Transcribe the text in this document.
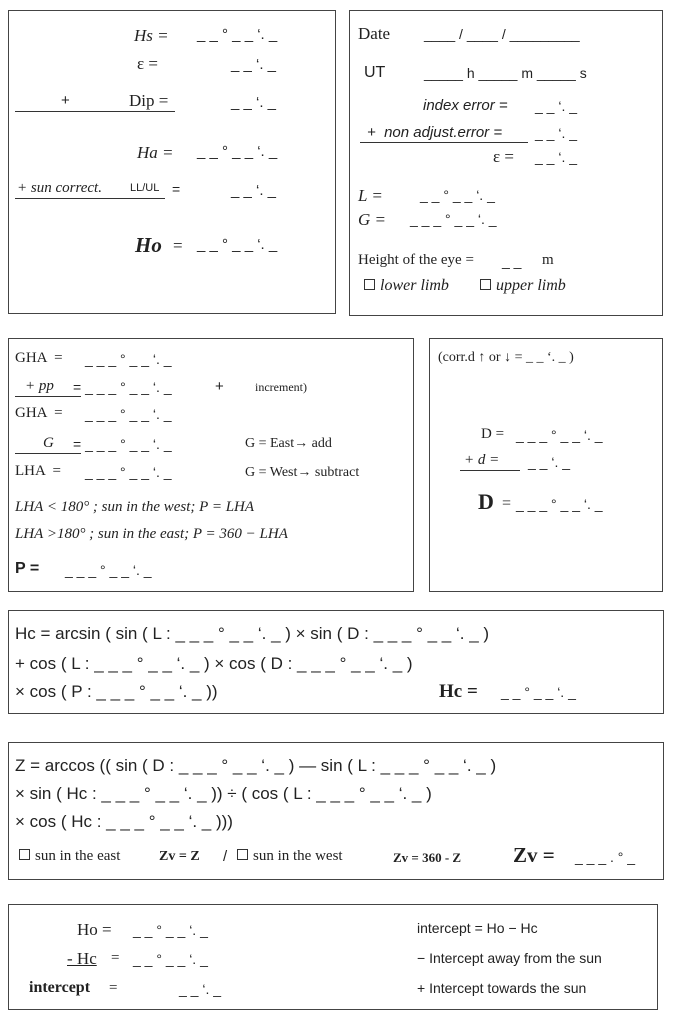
Hs = _ _ ° _ _ ‘. _
ε =	_ _ ‘. _
+	Dip =	_ _ ‘. _
Ha = _ _ ° _ _ ‘. _
+ sun correct.	LL/UL =	_ _ ‘. _
Ho = _ _ ° _ _ ‘. _
Date ____ / ____ / _________
UT	_____ h _____ m _____ s
index error = _ _ ‘. _
+  non adjust.error = _ _ ‘. _
ε = _ _ ‘. _
L =	_ _ ° _ _ ‘. _
G = _ _ _ ° _ _ ‘. _
Height of the eye = _ _ m
lower limb	upper limb
GHA  = _ _ _ ° _ _ ‘. _
+ pp = _ _ _ ° _ _ ‘. _	+	increment)
GHA  = _ _ _ ° _ _ ‘. _
G = _ _ _ ° _ _ ‘. _	G = East→ add
LHA  = _ _ _ ° _ _ ‘. _	G = West→ subtract
LHA < 180° ; sun in the west; P = LHA
LHA >180° ; sun in the east; P = 360 − LHA
P = _ _ _ ° _ _ ‘. _
(corr.d ↑ or ↓ = _ _ ‘. _ )
D = _ _ _ ° _ _ ‘. _
+ d = _ _ ‘. _
D = _ _ _ ° _ _ ‘. _
Hc = arcsin ( sin ( L : _ _ _ ° _ _ ‘. _ ) × sin ( D : _ _ _ ° _ _ ‘. _ )
+ cos ( L : _ _ _ ° _ _ ‘. _ ) × cos ( D : _ _ _ ° _ _ ‘. _ )
× cos ( P : _ _ _ ° _ _ ‘. _ ))	Hc = _ _ ° _ _ ‘. _
Z = arccos (( sin ( D : _ _ _ ° _ _ ‘. _ ) — sin ( L : _ _ _ ° _ _ ‘. _ )
× sin ( Hc : _ _ _ ° _ _ ‘. _ )) ÷ ( cos ( L : _ _ _ ° _ _ ‘. _ )
× cos ( Hc : _ _ _ ° _ _ ‘. _ )))
sun in the east	Zv = Z /	sun in the west	Zv = 360 - Z Zv = _ _ _ . ° _
Ho = _ _ ° _ _ ‘. _
- Hc = _ _ ° _ _ ‘. _
intercept =	_ _ ‘. _
intercept = Ho − Hc
− Intercept away from the sun
+ Intercept towards the sun
